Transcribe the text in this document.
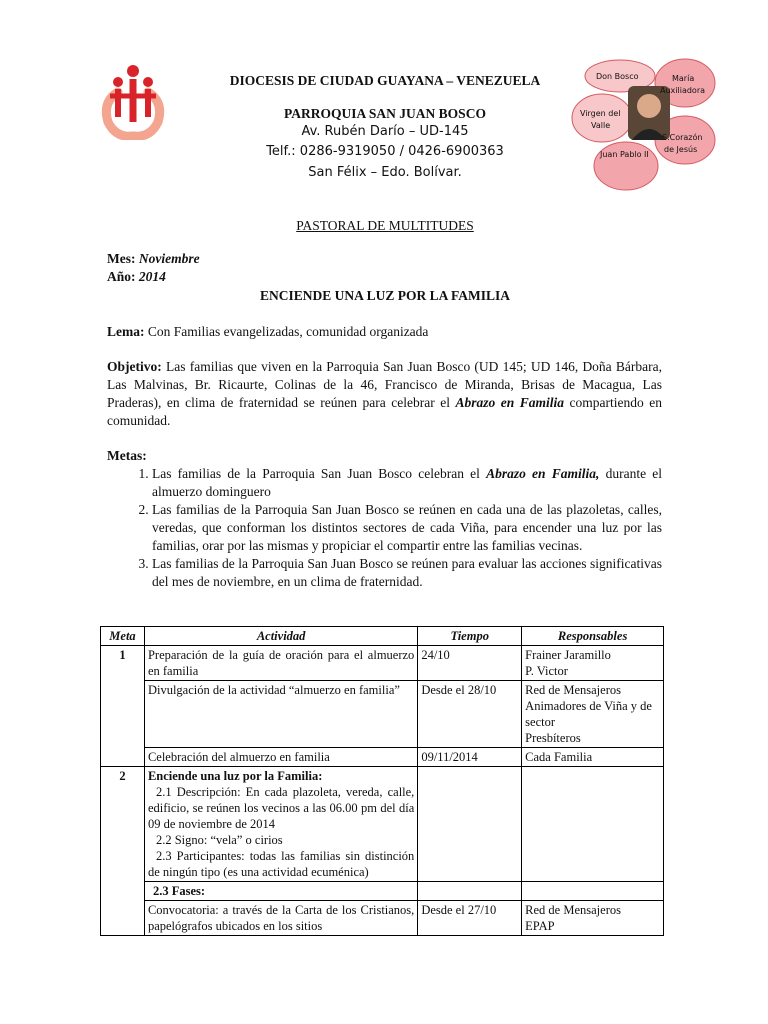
DIOCESIS DE CIUDAD GUAYANA – VENEZUELA
PARROQUIA SAN JUAN BOSCO
Av. Rubén Darío – UD-145
Telf.: 0286-9319050 / 0426-6900363
San Félix – Edo. Bolívar.
Don Bosco	María
Auxiliadora
Virgen del
Valle
S.Corazón
de Jesús
Juan Pablo II
PASTORAL DE MULTITUDES
Mes: Noviembre
Año: 2014
ENCIENDE UNA LUZ POR LA FAMILIA
Lema: Con Familias evangelizadas, comunidad organizada
Objetivo: Las familias que viven en la Parroquia San Juan Bosco (UD 145; UD 146, Doña Bárbara, Las Malvinas, Br. Ricaurte, Colinas de la 46, Francisco de Miranda, Brisas de Macagua, Las Praderas), en clima de fraternidad se reúnen para celebrar el Abrazo en Familia compartiendo en comunidad.
Metas:
1. Las familias de la Parroquia San Juan Bosco celebran el Abrazo en Familia, durante el almuerzo dominguero
2. Las familias de la Parroquia San Juan Bosco se reúnen en cada una de las plazoletas, calles, veredas, que conforman los distintos sectores de cada Viña, para encender una luz por las familias, orar por las mismas y propiciar el compartir entre las familias vecinas.
3. Las familias de la Parroquia San Juan Bosco se reúnen para evaluar las acciones significativas del mes de noviembre, en un clima de fraternidad.
Meta	Actividad	Tiempo	Responsables
1	Preparación de la guía de oración para el almuerzo en familia	24/10	Frainer Jaramillo
P. Victor

	Divulgación de la actividad “almuerzo en familia”	Desde el 28/10	Red de Mensajeros
Animadores de Viña y de sector
Presbíteros

	Celebración del almuerzo en familia	09/11/2014	Cada Familia
2	Enciende una luz por la Familia:
2.1 Descripción: En cada plazoleta, vereda, calle, edificio, se reúnen los vecinos a las 06.00 pm del día 09 de noviembre de 2014
2.2 Signo: “vela” o cirios
2.3 Participantes: todas las familias sin distinción de ningún tipo (es una actividad ecuménica)		

	2.3 Fases:		
	Convocatoria: a través de la Carta de los Cristianos, papelógrafos ubicados en los sitios	Desde el 27/10	Red de Mensajeros
EPAP
